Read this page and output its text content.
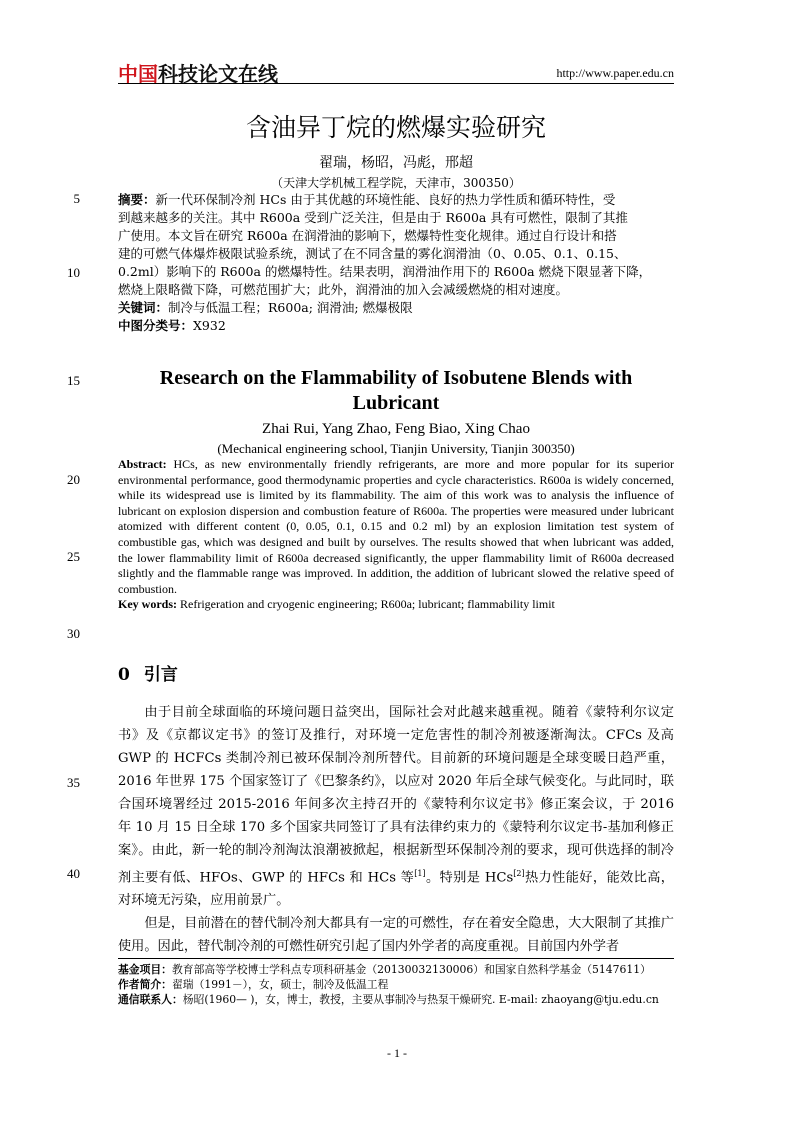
中国科技论文在线	http://www.paper.edu.cn
含油异丁烷的燃爆实验研究
翟瑞，杨昭，冯彪，邢超
（天津大学机械工程学院，天津市，300350）
5
10
15
20
25
30
35
40
摘要：新一代环保制冷剂 HCs 由于其优越的环境性能、良好的热力学性质和循环特性，受
到越来越多的关注。其中 R600a 受到广泛关注，但是由于 R600a 具有可燃性，限制了其推
广使用。本文旨在研究 R600a 在润滑油的影响下，燃爆特性变化规律。通过自行设计和搭
建的可燃气体爆炸极限试验系统，测试了在不同含量的雾化润滑油（0、0.05、0.1、0.15、
0.2ml）影响下的 R600a 的燃爆特性。结果表明，润滑油作用下的 R600a 燃烧下限显著下降，
燃烧上限略微下降，可燃范围扩大；此外，润滑油的加入会减缓燃烧的相对速度。
关键词：制冷与低温工程；R600a; 润滑油; 燃爆极限
中图分类号：X932
Research on the Flammability of Isobutene Blends with
Lubricant
Zhai Rui, Yang Zhao, Feng Biao, Xing Chao
(Mechanical engineering school, Tianjin University, Tianjin 300350)
Abstract: HCs, as new environmentally friendly refrigerants, are more and more popular for its superior environmental performance, good thermodynamic properties and cycle characteristics. R600a is widely concerned, while its widespread use is limited by its flammability. The aim of this work was to analysis the influence of lubricant on explosion dispersion and combustion feature of R600a. The properties were measured under lubricant atomized with different content (0, 0.05, 0.1, 0.15 and 0.2 ml) by an explosion limitation test system of combustible gas, which was designed and built by ourselves. The results showed that when lubricant was added, the lower flammability limit of R600a decreased significantly, the upper flammability limit of R600a decreased slightly and the flammable range was improved. In addition, the addition of lubricant slowed the relative speed of combustion.
Key words: Refrigeration and cryogenic engineering; R600a; lubricant; flammability limit
0 引言

由于目前全球面临的环境问题日益突出，国际社会对此越来越重视。随着《蒙特利尔议定书》及《京都议定书》的签订及推行，对环境一定危害性的制冷剂被逐渐淘汰。CFCs 及高 GWP 的 HCFCs 类制冷剂已被环保制冷剂所替代。目前新的环境问题是全球变暖日趋严重，2016 年世界 175 个国家签订了《巴黎条约》，以应对 2020 年后全球气候变化。与此同时，联合国环境署经过 2015-2016 年间多次主持召开的《蒙特利尔议定书》修正案会议，于 2016 年 10 月 15 日全球 170 多个国家共同签订了具有法律约束力的《蒙特利尔议定书-基加利修正案》。由此，新一轮的制冷剂淘汰浪潮被掀起，根据新型环保制冷剂的要求，现可供选择的制冷剂主要有低、HFOs、GWP 的 HFCs 和 HCs 等[1]。特别是 HCs[2]热力性能好，能效比高，对环境无污染，应用前景广。

但是，目前潜在的替代制冷剂大都具有一定的可燃性，存在着安全隐患，大大限制了其推广使用。因此，替代制冷剂的可燃性研究引起了国内外学者的高度重视。目前国内外学者

基金项目：教育部高等学校博士学科点专项科研基金（20130032130006）和国家自然科学基金（5147611）
作者简介：翟瑞（1991－），女，硕士，制冷及低温工程
通信联系人：杨昭(1960— )，女，博士，教授，主要从事制冷与热泵干燥研究. E-mail: zhaoyang@tju.edu.cn
- 1 -
